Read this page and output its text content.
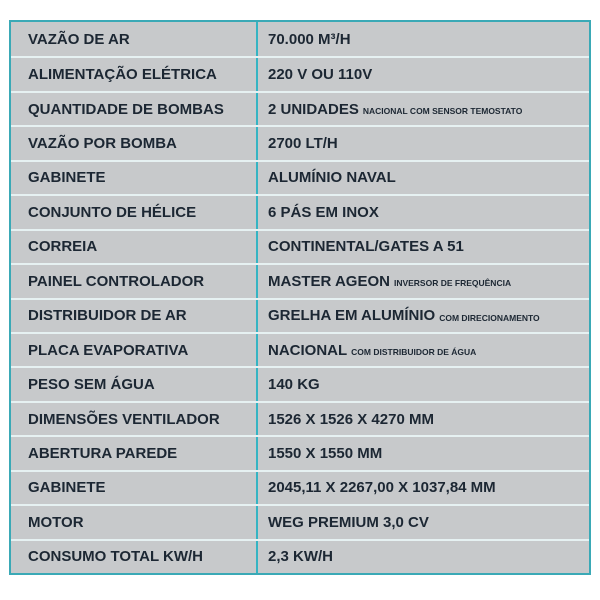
VAZÃO DE AR	70.000 M³/H
ALIMENTAÇÃO ELÉTRICA	220 V OU 110V
QUANTIDADE DE BOMBAS	2 UNIDADES NACIONAL COM SENSOR TEMOSTATO
VAZÃO POR BOMBA	2700 LT/H
GABINETE	ALUMÍNIO NAVAL
CONJUNTO DE HÉLICE	6 PÁS EM INOX
CORREIA	CONTINENTAL/GATES A 51
PAINEL CONTROLADOR	MASTER AGEON INVERSOR DE FREQUÊNCIA
DISTRIBUIDOR DE AR	GRELHA EM ALUMÍNIO COM DIRECIONAMENTO
PLACA EVAPORATIVA	NACIONAL COM DISTRIBUIDOR DE ÁGUA
PESO SEM ÁGUA	140 KG
DIMENSÕES VENTILADOR	1526 X 1526 X 4270 MM
ABERTURA PAREDE	1550 X 1550 MM
GABINETE	2045,11 X 2267,00 X 1037,84 MM
MOTOR	WEG PREMIUM 3,0 CV
CONSUMO TOTAL KW/H	2,3 KW/H
